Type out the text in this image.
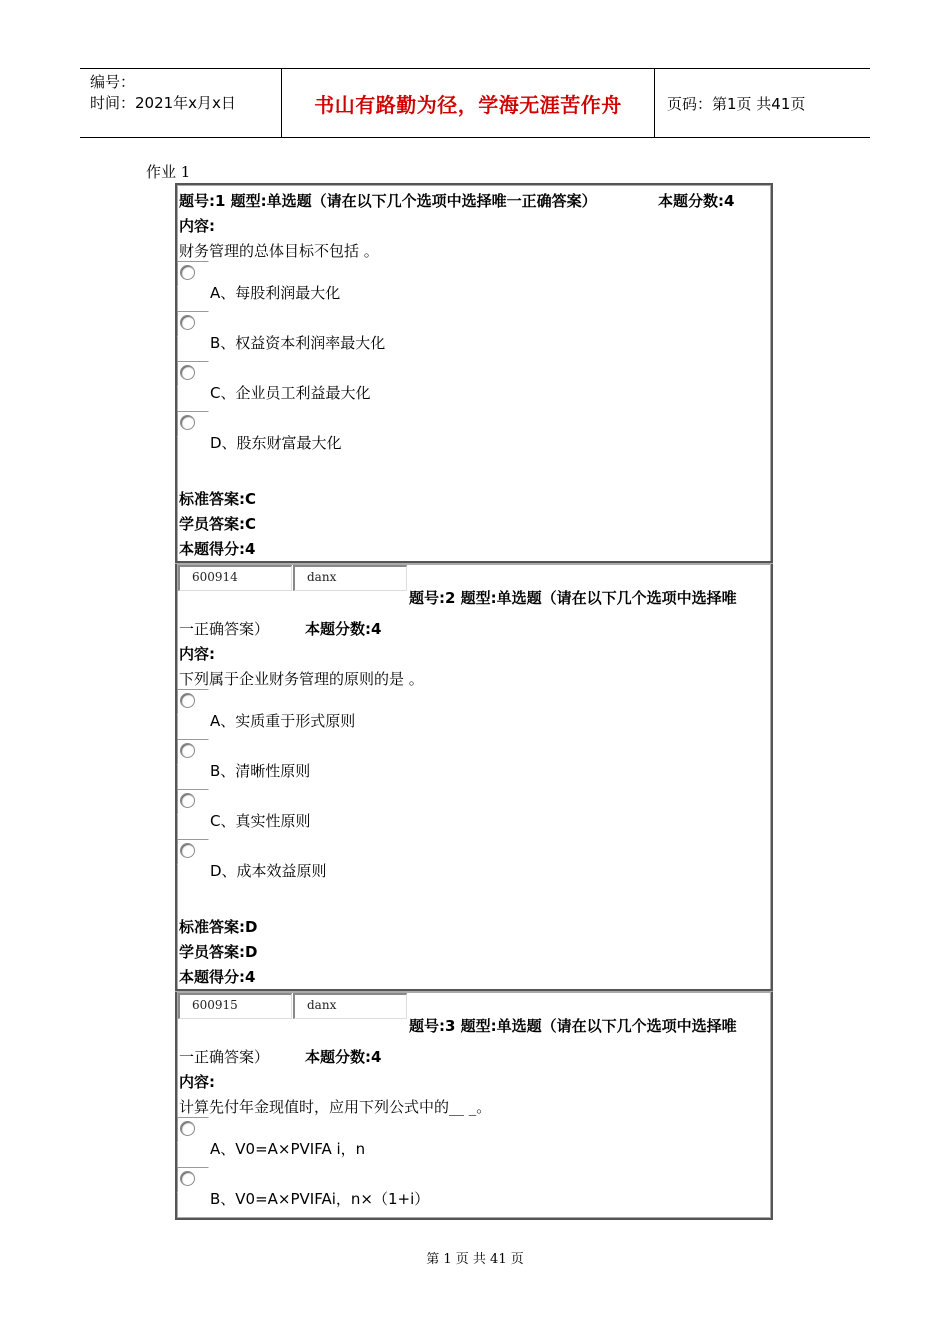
编号：
时间：2021年x月x日	书山有路勤为径，学海无涯苦作舟	页码：第1页 共41页
作业 1
题号:1 题型:单选题（请在以下几个选项中选择唯一正确答案）	本题分数:4
内容:
财务管理的总体目标不包括 。
A、每股利润最大化
B、权益资本利润率最大化
C、企业员工利益最大化
D、股东财富最大化
标准答案:C
学员答案:C
本题得分:4
600914	danx
题号:2 题型:单选题（请在以下几个选项中选择唯
一正确答案） 本题分数:4
内容:
下列属于企业财务管理的原则的是 。
A、实质重于形式原则
B、清晰性原则
C、真实性原则
D、成本效益原则
标准答案:D
学员答案:D
本题得分:4
600915	danx
题号:3 题型:单选题（请在以下几个选项中选择唯
一正确答案） 本题分数:4
内容:
计算先付年金现值时，应用下列公式中的__ _。
A、V0=A×PVIFA i，n
B、V0=A×PVIFAi，n×（1+i）
第 1 页 共 41 页
